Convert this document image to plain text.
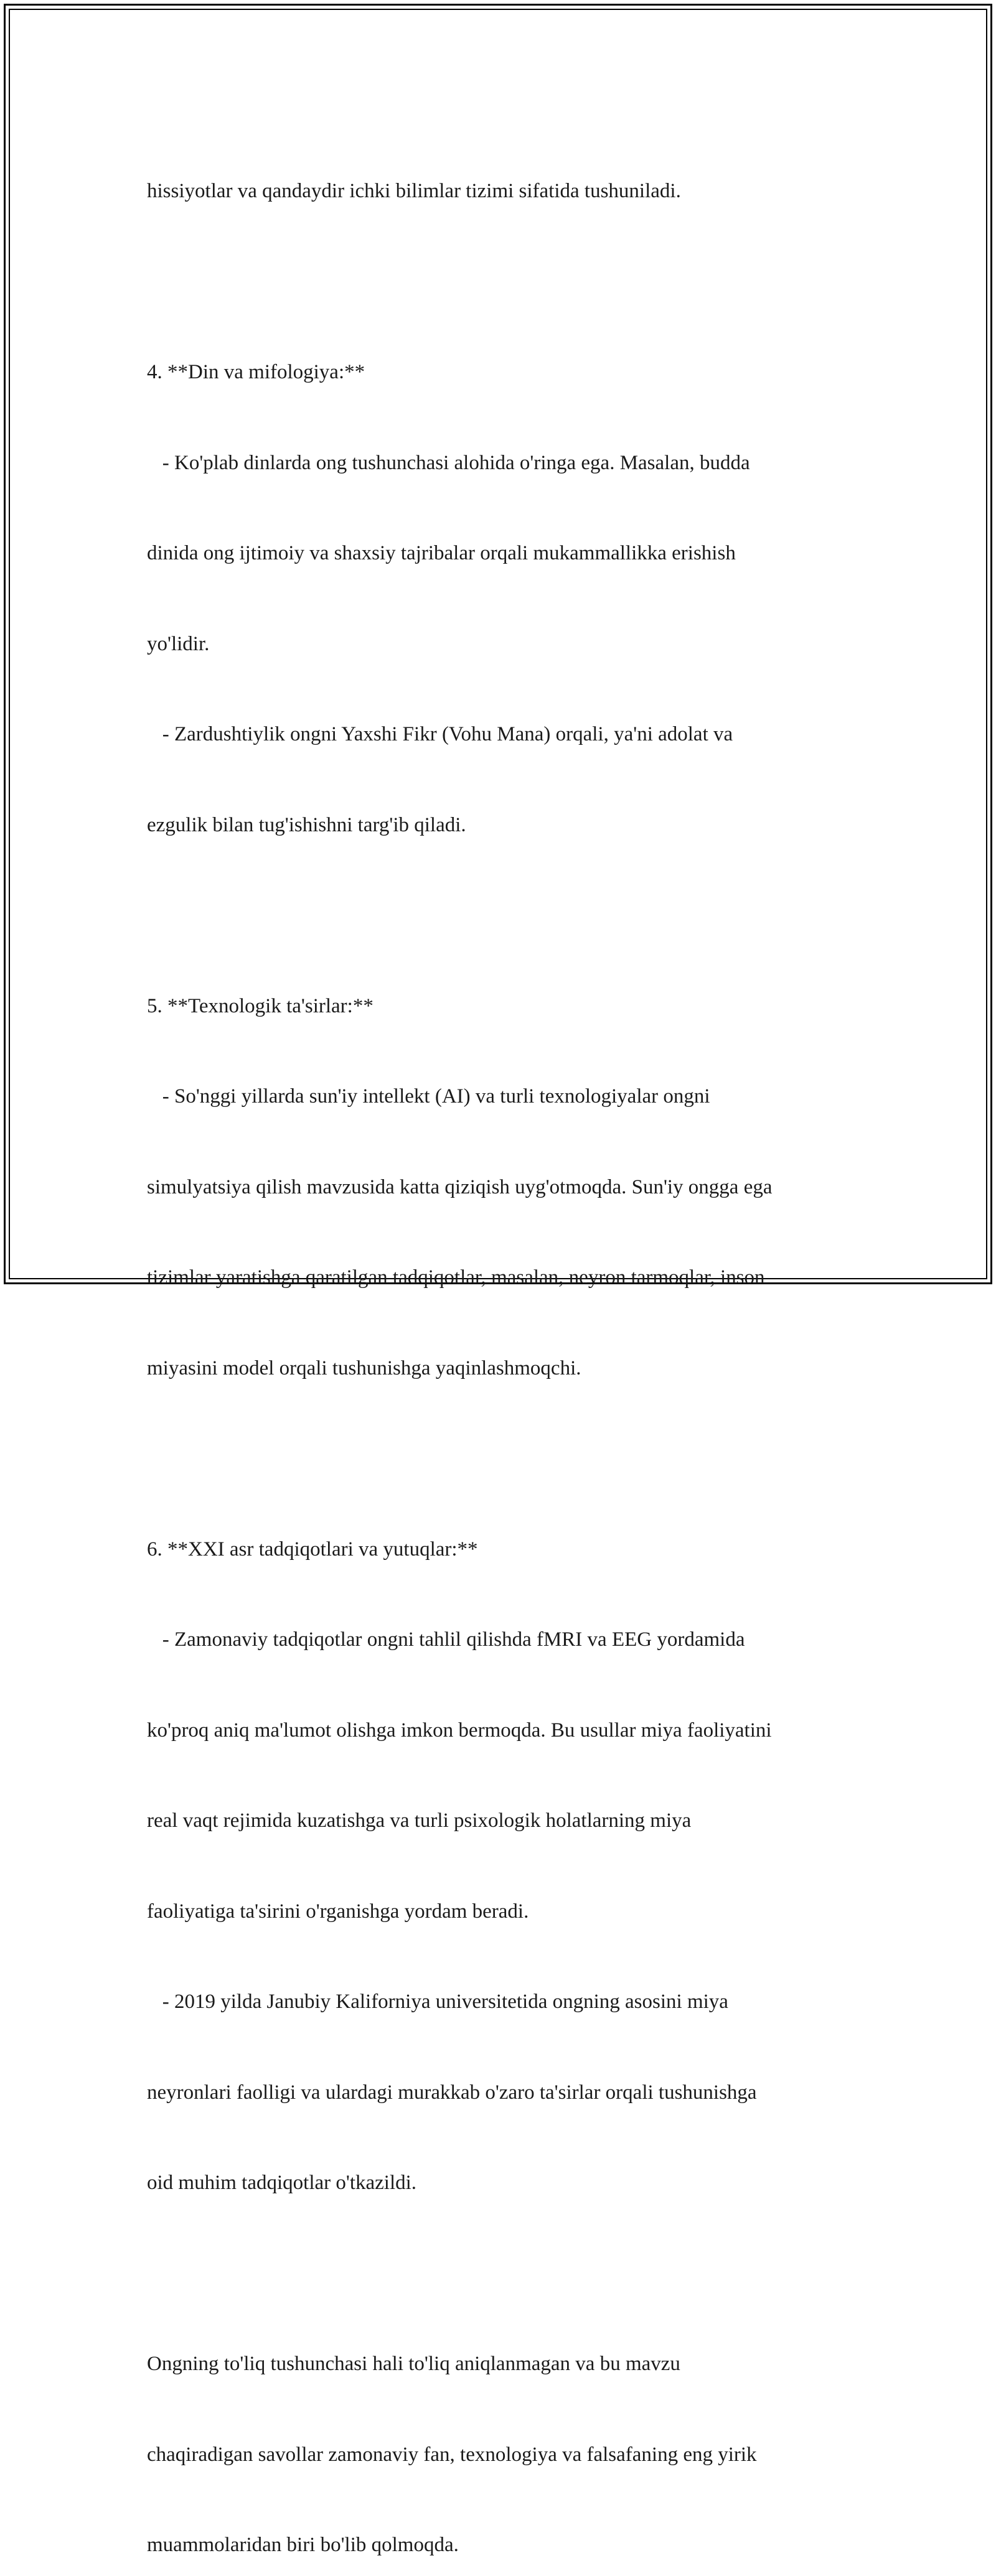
hissiyotlar va qandaydir ichki bilimlar tizimi sifatida tushuniladi.

4. **Din va mifologiya:**

- Ko'plab dinlarda ong tushunchasi alohida o'ringa ega. Masalan, budda

dinida ong ijtimoiy va shaxsiy tajribalar orqali mukammallikka erishish

yo'lidir.

- Zardushtiylik ongni Yaxshi Fikr (Vohu Mana) orqali, ya'ni adolat va

ezgulik bilan tug'ishishni targ'ib qiladi.

5. **Texnologik ta'sirlar:**

- So'nggi yillarda sun'iy intellekt (AI) va turli texnologiyalar ongni

simulyatsiya qilish mavzusida katta qiziqish uyg'otmoqda. Sun'iy ongga ega

tizimlar yaratishga qaratilgan tadqiqotlar, masalan, neyron tarmoqlar, inson

miyasini model orqali tushunishga yaqinlashmoqchi.

6. **XXI asr tadqiqotlari va yutuqlar:**

- Zamonaviy tadqiqotlar ongni tahlil qilishda fMRI va EEG yordamida

ko'proq aniq ma'lumot olishga imkon bermoqda. Bu usullar miya faoliyatini

real vaqt rejimida kuzatishga va turli psixologik holatlarning miya

faoliyatiga ta'sirini o'rganishga yordam beradi.

- 2019 yilda Janubiy Kaliforniya universitetida ongning asosini miya

neyronlari faolligi va ulardagi murakkab o'zaro ta'sirlar orqali tushunishga

oid muhim tadqiqotlar o'tkazildi.

Ongning to'liq tushunchasi hali to'liq aniqlanmagan va bu mavzu

chaqiradigan savollar zamonaviy fan, texnologiya va falsafaning eng yirik

muammolaridan biri bo'lib qolmoqda.
